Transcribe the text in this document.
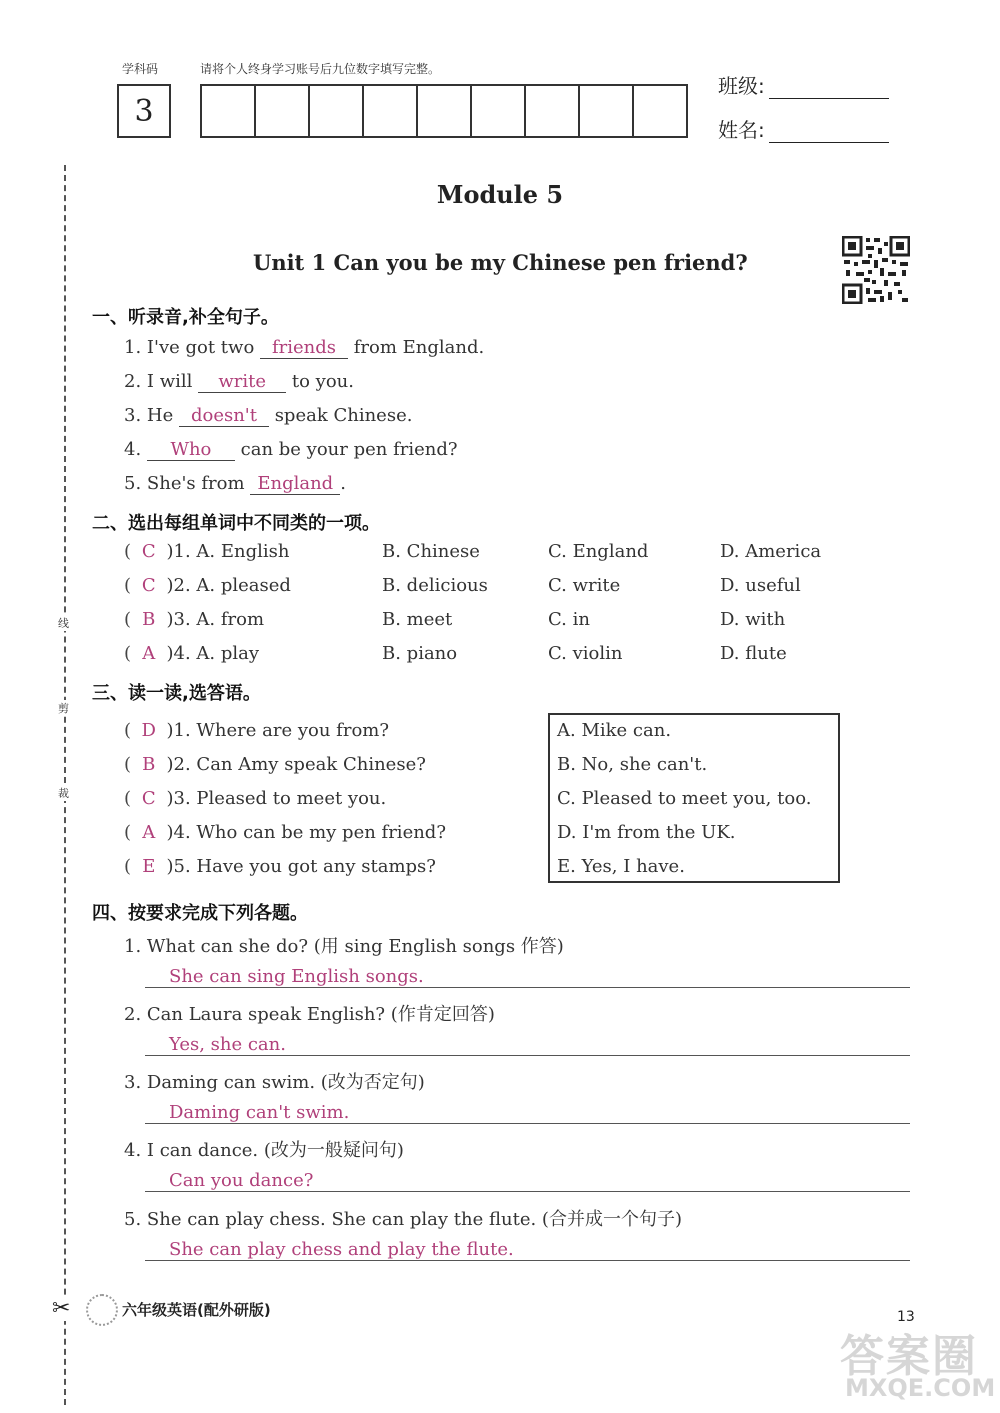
学科码	请将个人终身学习账号后九位数字填写完整。
3
班级:
姓名:
线
剪
裁
✂
Module 5
Unit 1 Can you be my Chinese pen friend?
一、听录音,补全句子。
1. I've got two friends from England.
2. I will write to you.
3. He doesn't speak Chinese.
4. Who can be your pen friend?
5. She's from England .
二、选出每组单词中不同类的一项。
( C )1. A. English	B. Chinese	C. England	D. America
( C )2. A. pleased	B. delicious	C. write	D. useful
( B )3. A. from	B. meet	C. in	D. with
( A )4. A. play	B. piano	C. violin	D. flute
三、读一读,选答语。
( D )1. Where are you from?
( B )2. Can Amy speak Chinese?
( C )3. Pleased to meet you.
( A )4. Who can be my pen friend?
( E )5. Have you got any stamps?
A. Mike can.
B. No, she can't.
C. Pleased to meet you, too.
D. I'm from the UK.
E. Yes, I have.
四、按要求完成下列各题。
1. What can she do? (用 sing English songs 作答)
She can sing English songs.
2. Can Laura speak English? (作肯定回答)
Yes, she can.
3. Daming can swim. (改为否定句)
Daming can't swim.
4. I can dance. (改为一般疑问句)
Can you dance?
5. She can play chess. She can play the flute. (合并成一个句子)
She can play chess and play the flute.
六年级英语(配外研版)	13
答案圈
MXQE.COM
